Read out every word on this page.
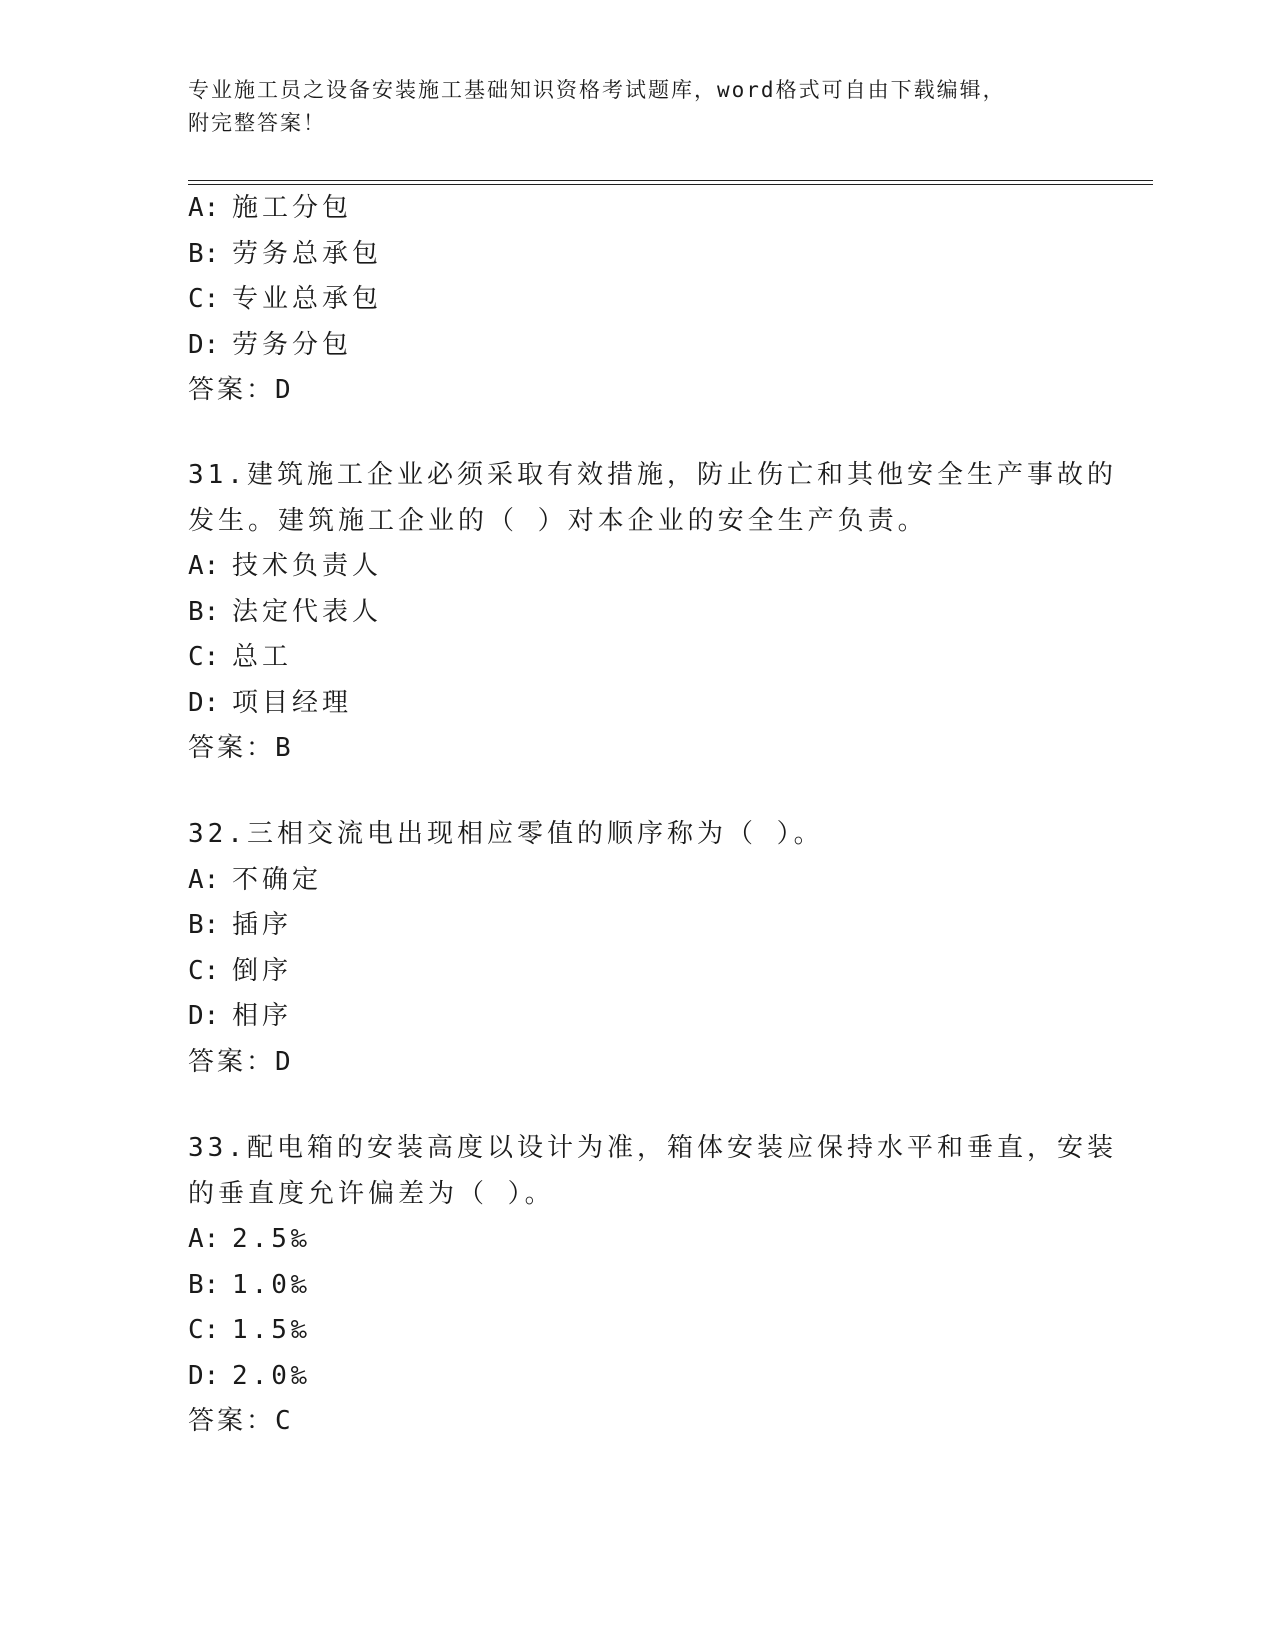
专业施工员之设备安装施工基础知识资格考试题库，word格式可自由下载编辑，
附完整答案！
A: 施工分包
B: 劳务总承包
C: 专业总承包
D: 劳务分包
答案：D
31.建筑施工企业必须采取有效措施，防止伤亡和其他安全生产事故的
发生。建筑施工企业的（ ）对本企业的安全生产负责。
A: 技术负责人
B: 法定代表人
C: 总工
D: 项目经理
答案：B
32.三相交流电出现相应零值的顺序称为（ ）。
A: 不确定
B: 插序
C: 倒序
D: 相序
答案：D
33.配电箱的安装高度以设计为准，箱体安装应保持水平和垂直，安装
的垂直度允许偏差为（ ）。
A: 2.5‰
B: 1.0‰
C: 1.5‰
D: 2.0‰
答案：C
